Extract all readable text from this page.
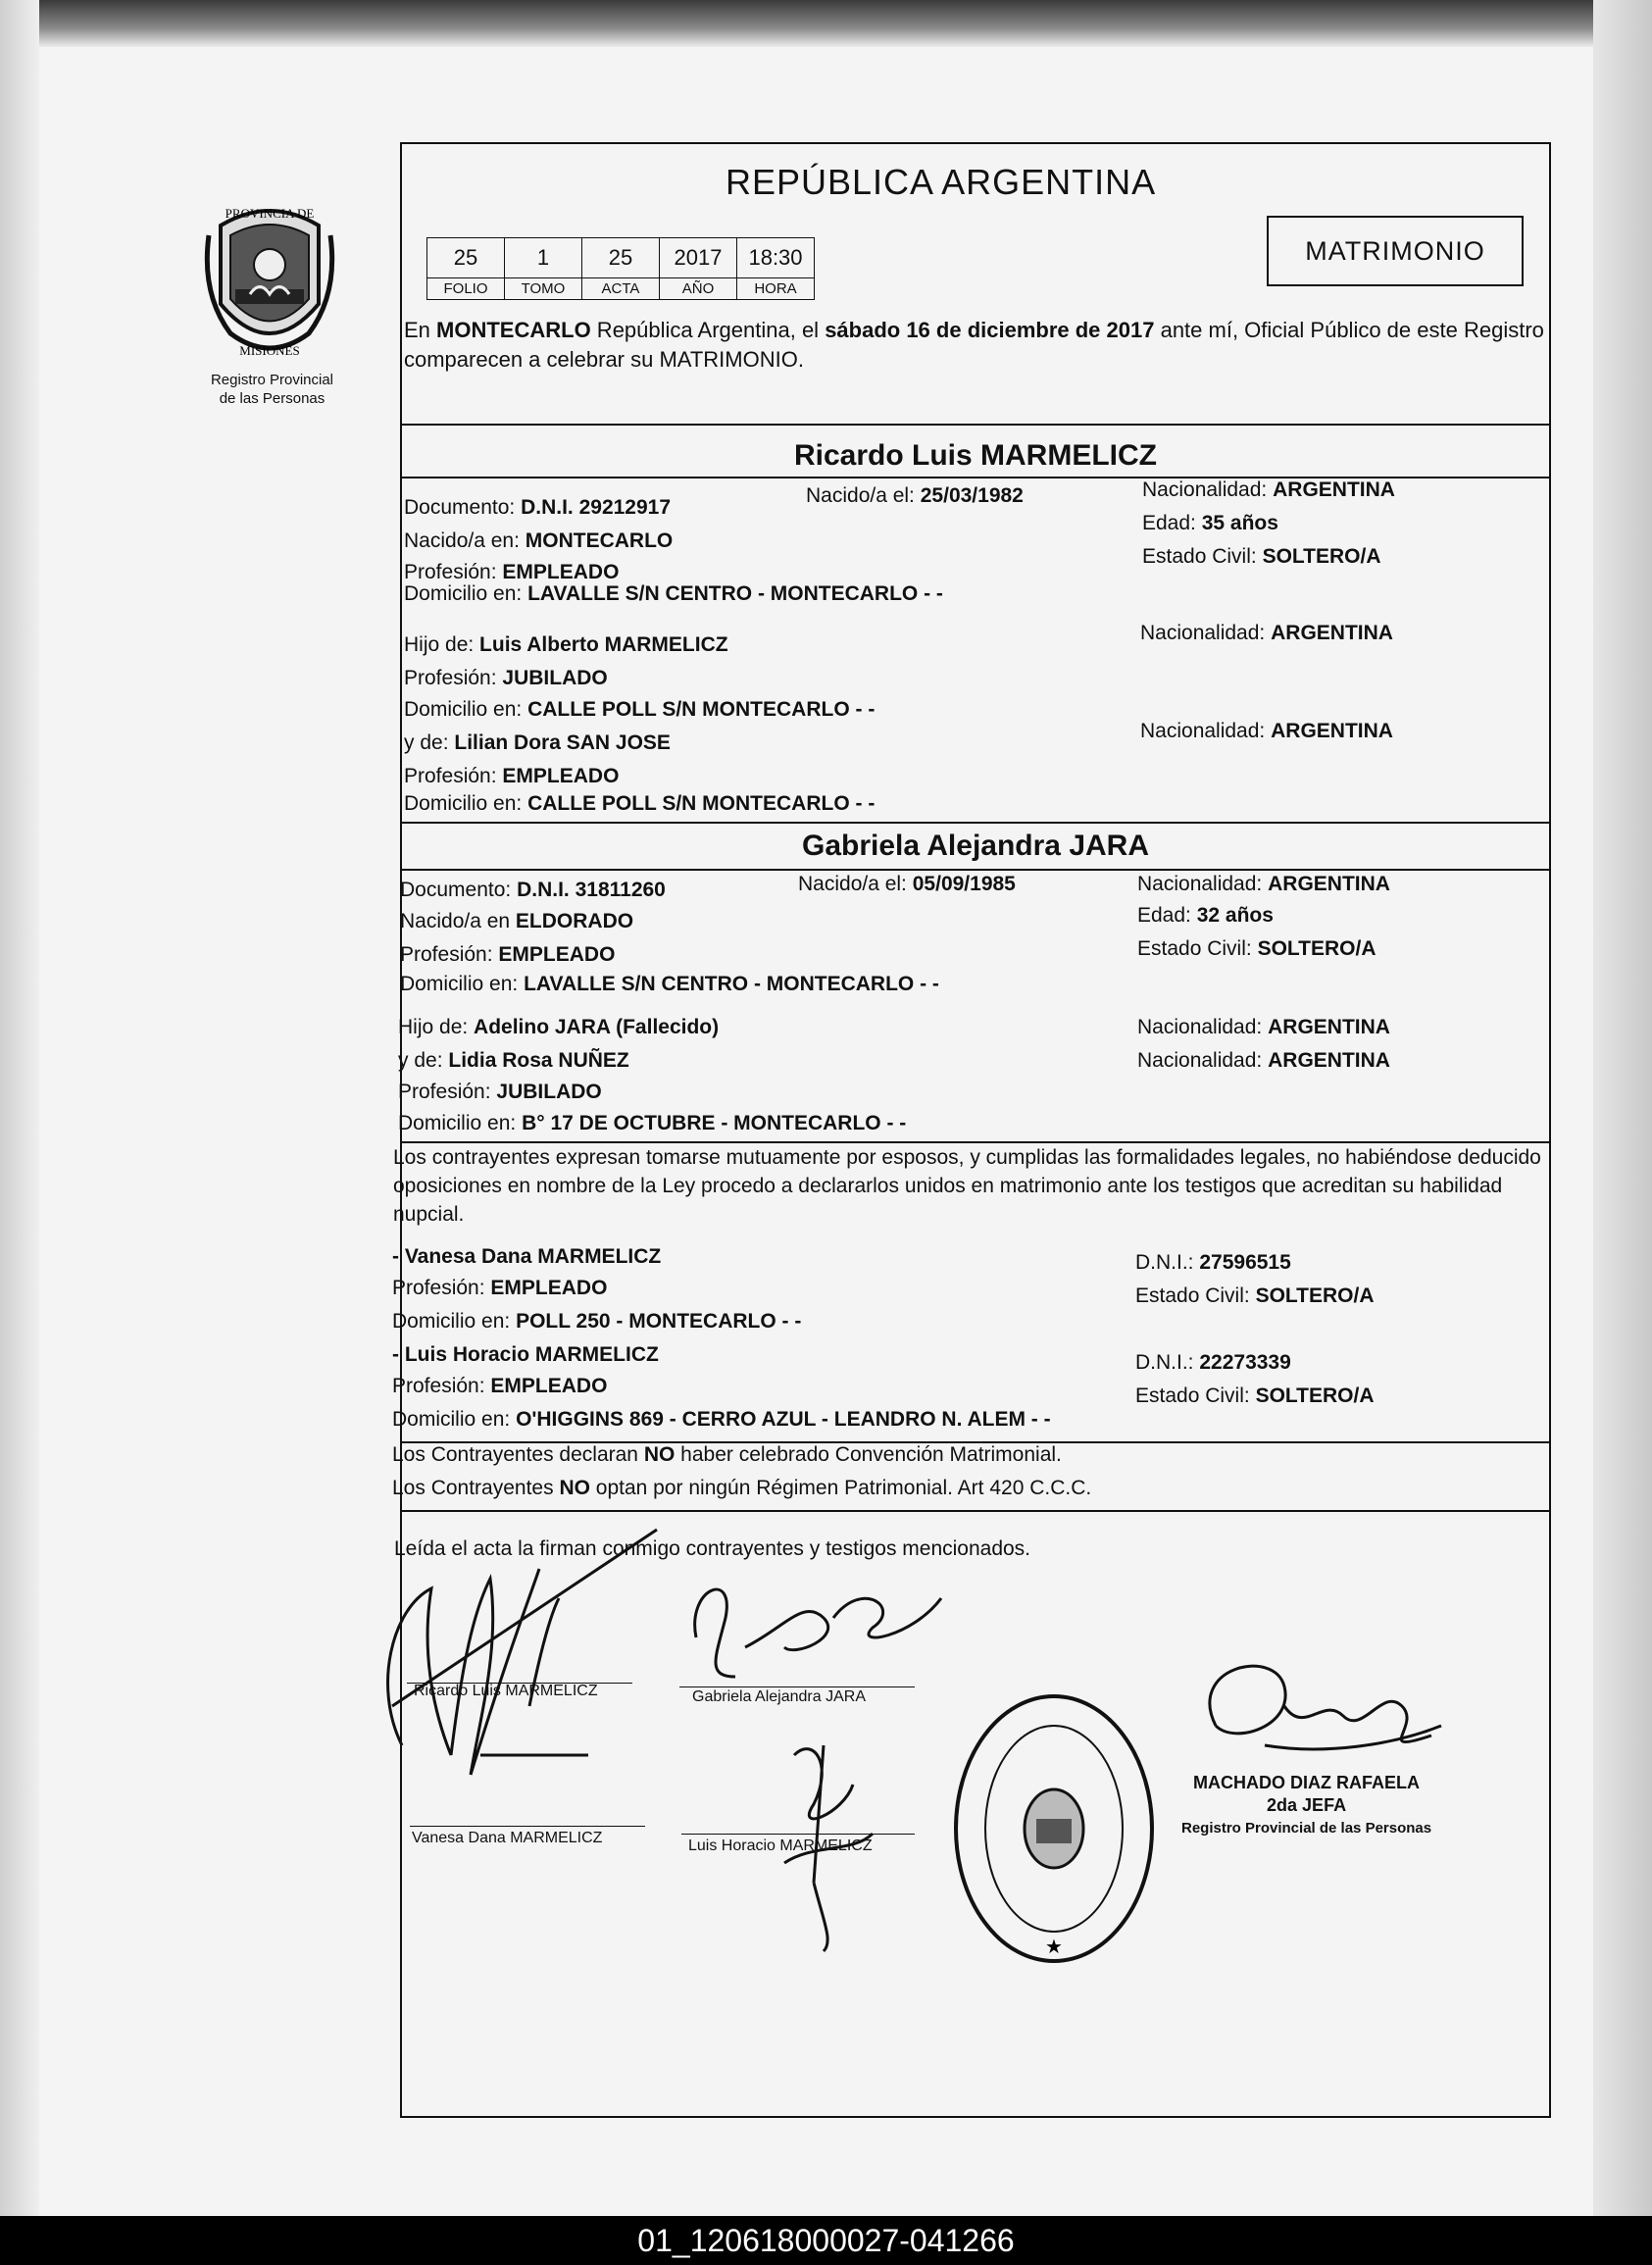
PROVINCIA DE
MISIONES
Registro Provincial
de las Personas
REPÚBLICA ARGENTINA
MATRIMONIO
25	1	25	2017	18:30
FOLIO	TOMO	ACTA	AÑO	HORA
En MONTECARLO República Argentina, el sábado 16 de diciembre de 2017 ante mí, Oficial Público de este Registro comparecen a celebrar su MATRIMONIO.
Ricardo Luis MARMELICZ
Documento: D.N.I. 29212917
Nacido/a el: 25/03/1982	Nacionalidad: ARGENTINA
Edad: 35 años
Estado Civil: SOLTERO/A
Nacido/a en: MONTECARLO
Profesión: EMPLEADO
Domicilio en: LAVALLE S/N CENTRO - MONTECARLO - -
Hijo de: Luis Alberto MARMELICZ
Nacionalidad: ARGENTINA
Profesión: JUBILADO
Domicilio en: CALLE POLL S/N MONTECARLO - -
y de: Lilian Dora SAN JOSE
Nacionalidad: ARGENTINA
Profesión: EMPLEADO
Domicilio en: CALLE POLL S/N MONTECARLO - -
Gabriela Alejandra JARA
Documento: D.N.I. 31811260	Nacido/a el: 05/09/1985	Nacionalidad: ARGENTINA
Edad: 32 años
Estado Civil: SOLTERO/A
Nacido/a en ELDORADO
Profesión: EMPLEADO
Domicilio en: LAVALLE S/N CENTRO - MONTECARLO - -
Hijo de: Adelino JARA (Fallecido)	Nacionalidad: ARGENTINA
y de: Lidia Rosa NUÑEZ	Nacionalidad: ARGENTINA
Profesión: JUBILADO
Domicilio en: B° 17 DE OCTUBRE - MONTECARLO - -
Los contrayentes expresan tomarse mutuamente por esposos, y cumplidas las formalidades legales, no habiéndose deducido oposiciones en nombre de la Ley procedo a declararlos unidos en matrimonio ante los testigos que acreditan su habilidad nupcial.
- Vanesa Dana MARMELICZ	D.N.I.: 27596515
Profesión: EMPLEADO	Estado Civil: SOLTERO/A
Domicilio en: POLL 250 - MONTECARLO - -
- Luis Horacio MARMELICZ	D.N.I.: 22273339
Profesión: EMPLEADO	Estado Civil: SOLTERO/A
Domicilio en: O'HIGGINS 869 - CERRO AZUL - LEANDRO N. ALEM - -
Los Contrayentes declaran NO haber celebrado Convención Matrimonial.
Los Contrayentes NO optan por ningún Régimen Patrimonial. Art 420 C.C.C.
Leída el acta la firman conmigo contrayentes y testigos mencionados.
Ricardo Luis MARMELICZ	Gabriela Alejandra JARA
Vanesa Dana MARMELICZ	Luis Horacio MARMELICZ
★
MACHADO DIAZ RAFAELA
2da JEFA
Registro Provincial de las Personas
01_120618000027-041266
